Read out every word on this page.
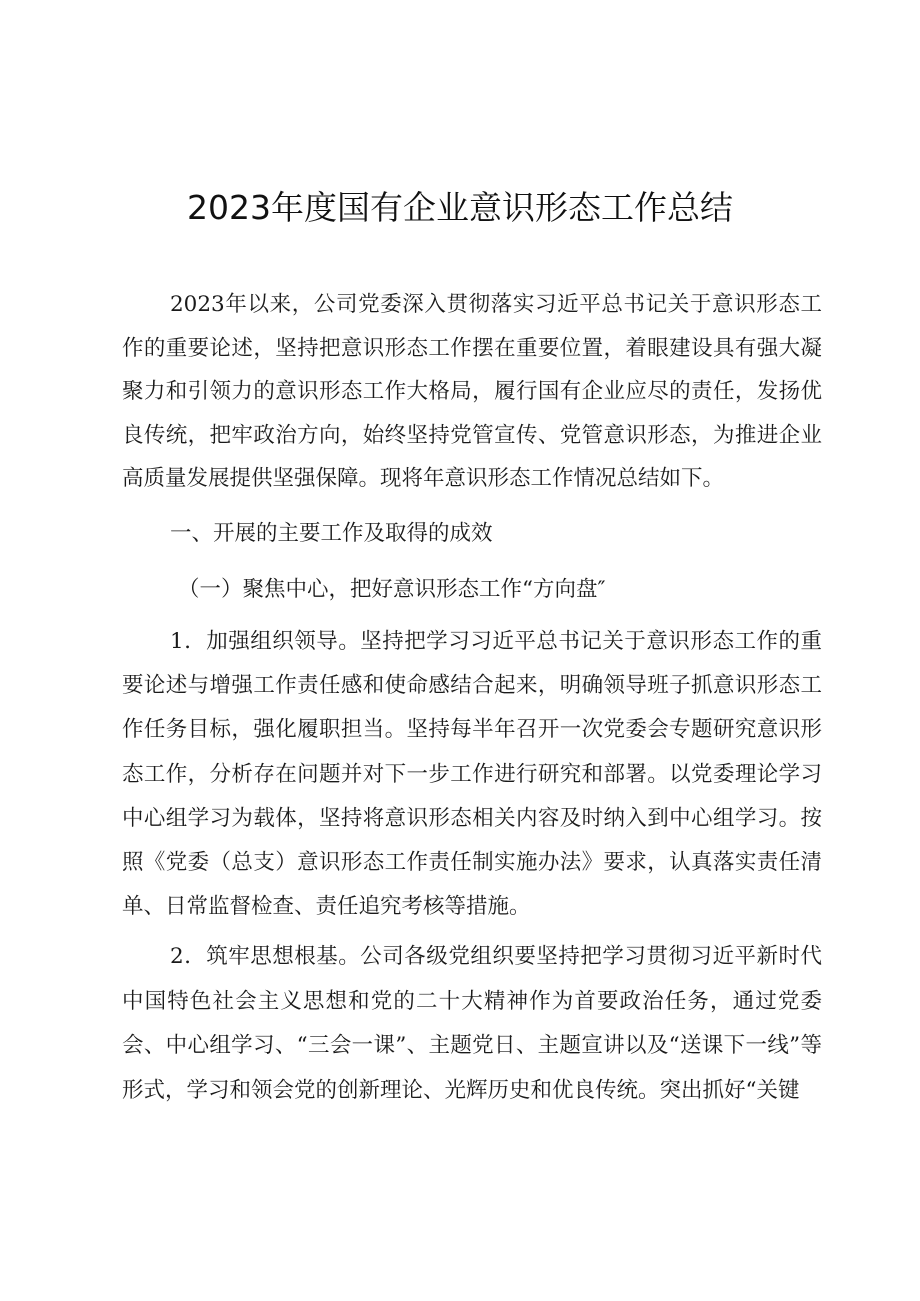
2023年度国有企业意识形态工作总结

2023年以来，公司党委深入贯彻落实习近平总书记关于意识形态工作的重要论述，坚持把意识形态工作摆在重要位置，着眼建设具有强大凝聚力和引领力的意识形态工作大格局，履行国有企业应尽的责任，发扬优良传统，把牢政治方向，始终坚持党管宣传、党管意识形态，为推进企业高质量发展提供坚强保障。现将年意识形态工作情况总结如下。

一、开展的主要工作及取得的成效

（一）聚焦中心，把好意识形态工作“方向盘″

1．加强组织领导。坚持把学习习近平总书记关于意识形态工作的重要论述与增强工作责任感和使命感结合起来，明确领导班子抓意识形态工作任务目标，强化履职担当。坚持每半年召开一次党委会专题研究意识形态工作，分析存在问题并对下一步工作进行研究和部署。以党委理论学习中心组学习为载体，坚持将意识形态相关内容及时纳入到中心组学习。按照《党委（总支）意识形态工作责任制实施办法》要求，认真落实责任清单、日常监督检查、责任追究考核等措施。

2．筑牢思想根基。公司各级党组织要坚持把学习贯彻习近平新时代中国特色社会主义思想和党的二十大精神作为首要政治任务，通过党委会、中心组学习、“三会一课”、主题党日、主题宣讲以及“送课下一线”等形式，学习和领会党的创新理论、光辉历史和优良传统。突出抓好“关键
